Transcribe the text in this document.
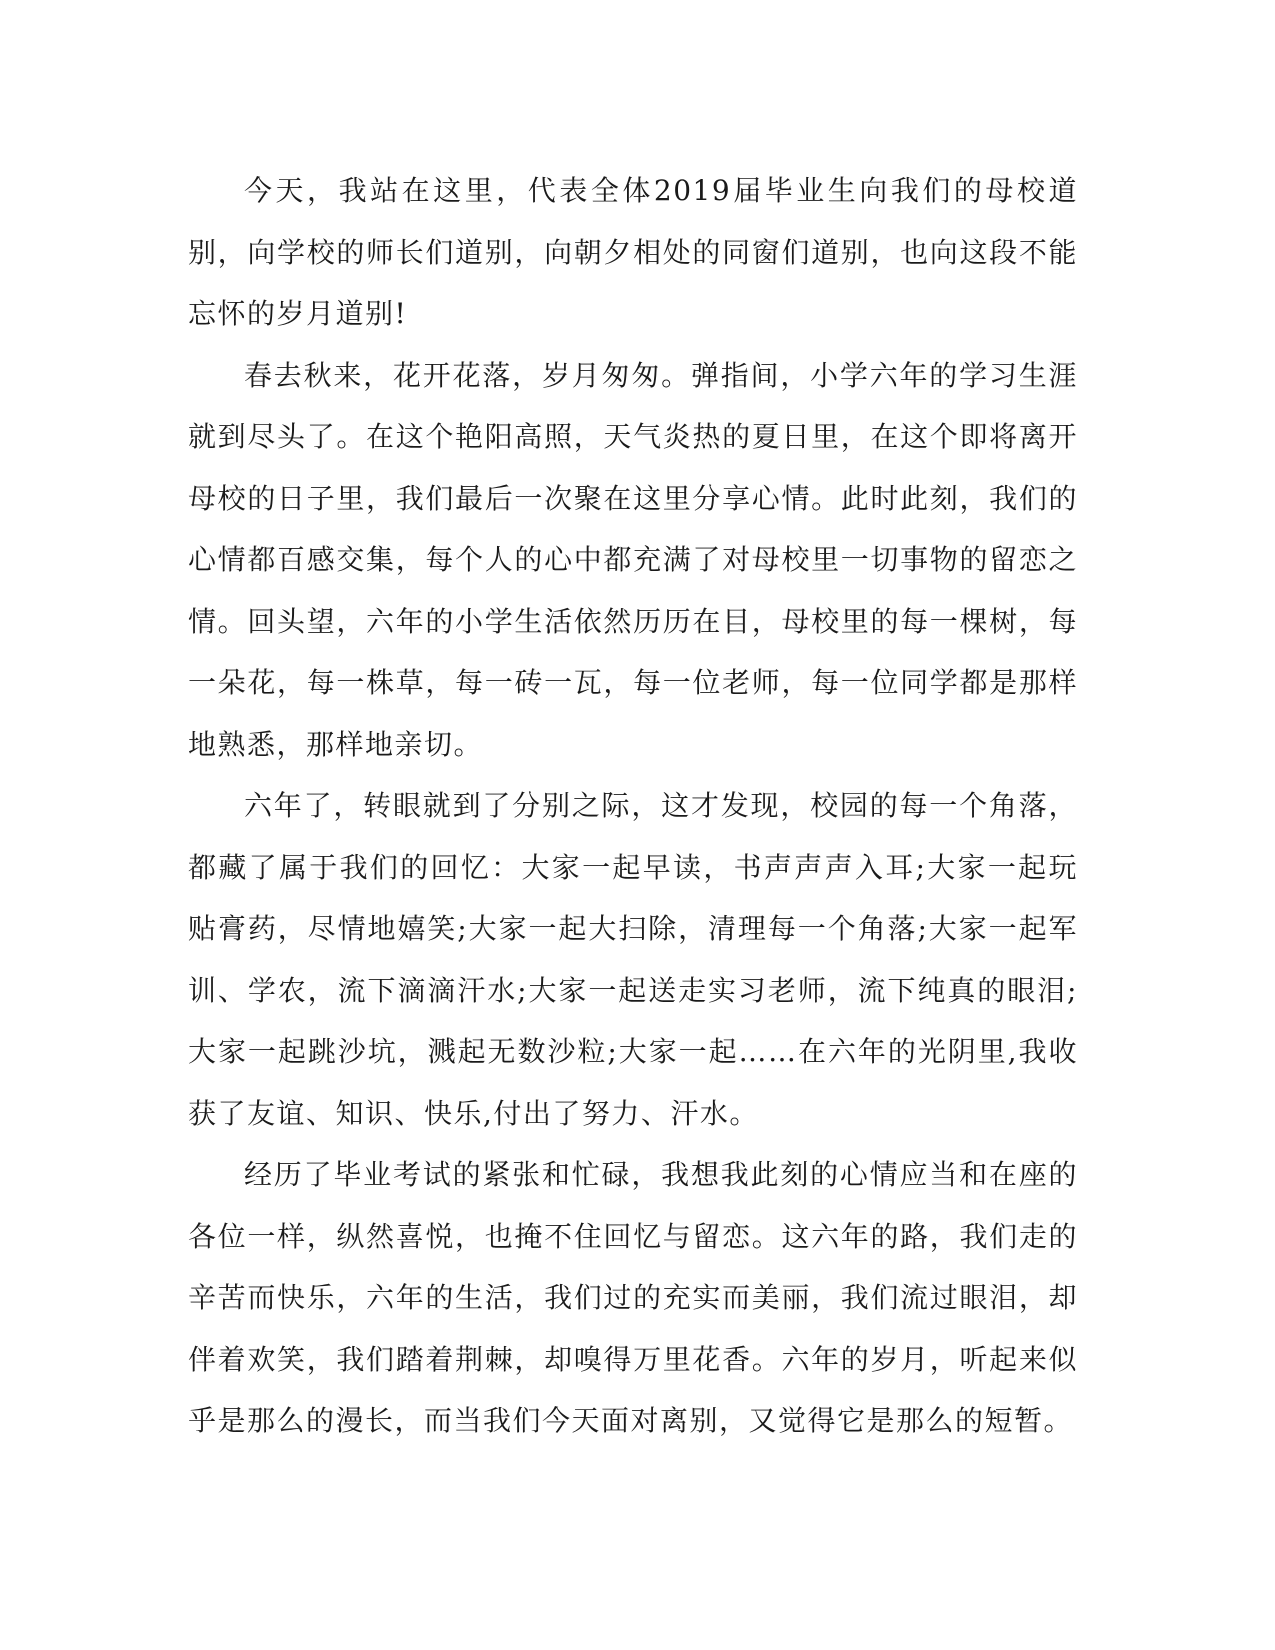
今天，我站在这里，代表全体2019届毕业生向我们的母校道别，向学校的师长们道别，向朝夕相处的同窗们道别，也向这段不能忘怀的岁月道别!

春去秋来，花开花落，岁月匆匆。弹指间，小学六年的学习生涯就到尽头了。在这个艳阳高照，天气炎热的夏日里，在这个即将离开母校的日子里，我们最后一次聚在这里分享心情。此时此刻，我们的心情都百感交集，每个人的心中都充满了对母校里一切事物的留恋之情。回头望，六年的小学生活依然历历在目，母校里的每一棵树，每一朵花，每一株草，每一砖一瓦，每一位老师，每一位同学都是那样地熟悉，那样地亲切。

六年了，转眼就到了分别之际，这才发现，校园的每一个角落，都藏了属于我们的回忆：大家一起早读，书声声声入耳;大家一起玩贴膏药，尽情地嬉笑;大家一起大扫除，清理每一个角落;大家一起军训、学农，流下滴滴汗水;大家一起送走实习老师，流下纯真的眼泪;大家一起跳沙坑，溅起无数沙粒;大家一起……在六年的光阴里,我收获了友谊、知识、快乐,付出了努力、汗水。

经历了毕业考试的紧张和忙碌，我想我此刻的心情应当和在座的各位一样，纵然喜悦，也掩不住回忆与留恋。这六年的路，我们走的辛苦而快乐，六年的生活，我们过的充实而美丽，我们流过眼泪，却伴着欢笑，我们踏着荆棘，却嗅得万里花香。六年的岁月，听起来似乎是那么的漫长，而当我们今天面对离别，又觉得它是那么的短暂。
